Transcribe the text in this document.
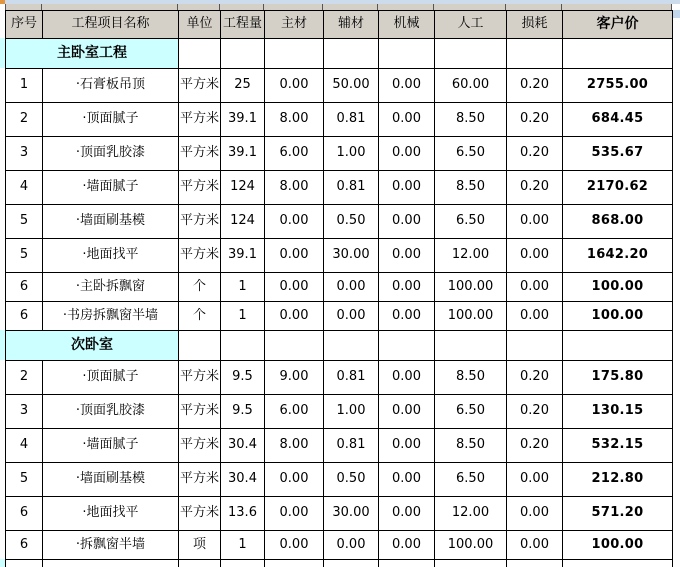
序号	工程项目名称	单位	工程量	主材	辅材	机械	人工	损耗	客户价
主卧室工程									
1	·石膏板吊顶	平方米	25	0.00	50.00	0.00	60.00	0.20	2755.00
2	·顶面腻子	平方米	39.1	8.00	0.81	0.00	8.50	0.20	684.45
3	·顶面乳胶漆	平方米	39.1	6.00	1.00	0.00	6.50	0.20	535.67
4	·墙面腻子	平方米	124	8.00	0.81	0.00	8.50	0.20	2170.62
5	·墙面刷基模	平方米	124	0.00	0.50	0.00	6.50	0.00	868.00
5	·地面找平	平方米	39.1	0.00	30.00	0.00	12.00	0.00	1642.20
6	·主卧拆飘窗	个	1	0.00	0.00	0.00	100.00	0.00	100.00
6	·书房拆飘窗半墙	个	1	0.00	0.00	0.00	100.00	0.00	100.00
次卧室									
2	·顶面腻子	平方米	9.5	9.00	0.81	0.00	8.50	0.20	175.80
3	·顶面乳胶漆	平方米	9.5	6.00	1.00	0.00	6.50	0.20	130.15
4	·墙面腻子	平方米	30.4	8.00	0.81	0.00	8.50	0.20	532.15
5	·墙面刷基模	平方米	30.4	0.00	0.50	0.00	6.50	0.00	212.80
6	·地面找平	平方米	13.6	0.00	30.00	0.00	12.00	0.00	571.20
6	·拆飘窗半墙	项	1	0.00	0.00	0.00	100.00	0.00	100.00
